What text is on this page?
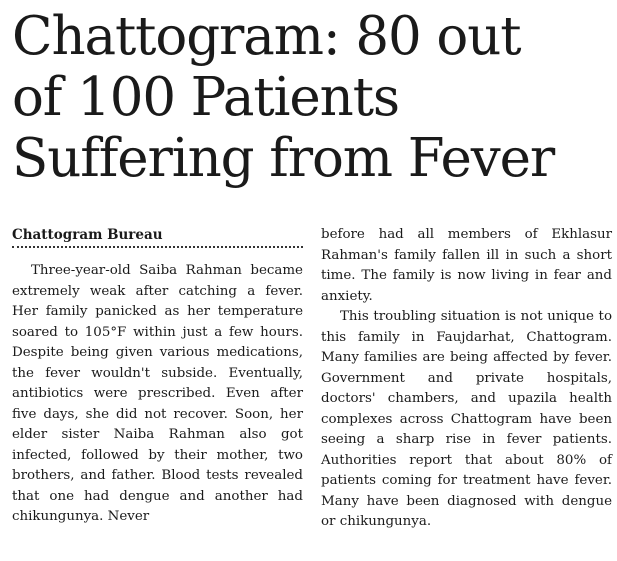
Chattogram: 80 out
of 100 Patients
Suffering from Fever
Chattogram Bureau

Three-year-old Saiba Rahman became extremely weak after catching a fever. Her family panicked as her temperature soared to 105°F within just a few hours. Despite being given various medications, the fever wouldn't subside. Eventually, antibiotics were prescribed. Even after five days, she did not recover. Soon, her elder sister Naiba Rahman also got infected, followed by their mother, two brothers, and father. Blood tests revealed that one had dengue and another had chikungunya. Never

before had all members of Ekhlasur Rahman's family fallen ill in such a short time. The family is now living in fear and anxiety.

This troubling situation is not unique to this family in Faujdarhat, Chattogram. Many families are being affected by fever. Government and private hospitals, doctors' chambers, and upazila health complexes across Chattogram have been seeing a sharp rise in fever patients. Authorities report that about 80% of patients coming for treatment have fever. Many have been diagnosed with dengue or chikungunya.
